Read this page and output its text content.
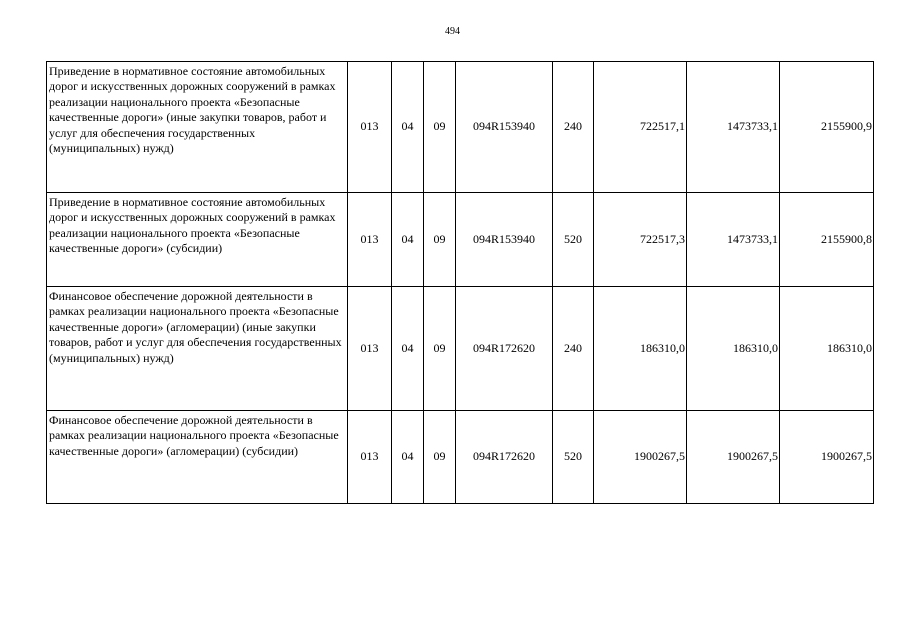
494
Приведение в нормативное состояние автомобильных дорог и искусственных дорожных сооружений в рамках реализации национального проекта «Безопасные качественные дороги» (иные закупки товаров, работ и услуг для обеспечения государственных (муниципальных) нужд)	013	04	09	094R153940	240	722517,1	1473733,1	2155900,9
Приведение в нормативное состояние автомобильных дорог и искусственных дорожных сооружений в рамках реализации национального проекта «Безопасные качественные дороги» (субсидии)	013	04	09	094R153940	520	722517,3	1473733,1	2155900,8
Финансовое обеспечение дорожной деятельности в рамках реализации национального проекта «Безопасные качественные дороги» (агломерации) (иные закупки товаров, работ и услуг для обеспечения государственных (муниципальных) нужд)	013	04	09	094R172620	240	186310,0	186310,0	186310,0
Финансовое обеспечение дорожной деятельности в рамках реализации национального проекта «Безопасные качественные дороги» (агломерации) (субсидии)	013	04	09	094R172620	520	1900267,5	1900267,5	1900267,5
